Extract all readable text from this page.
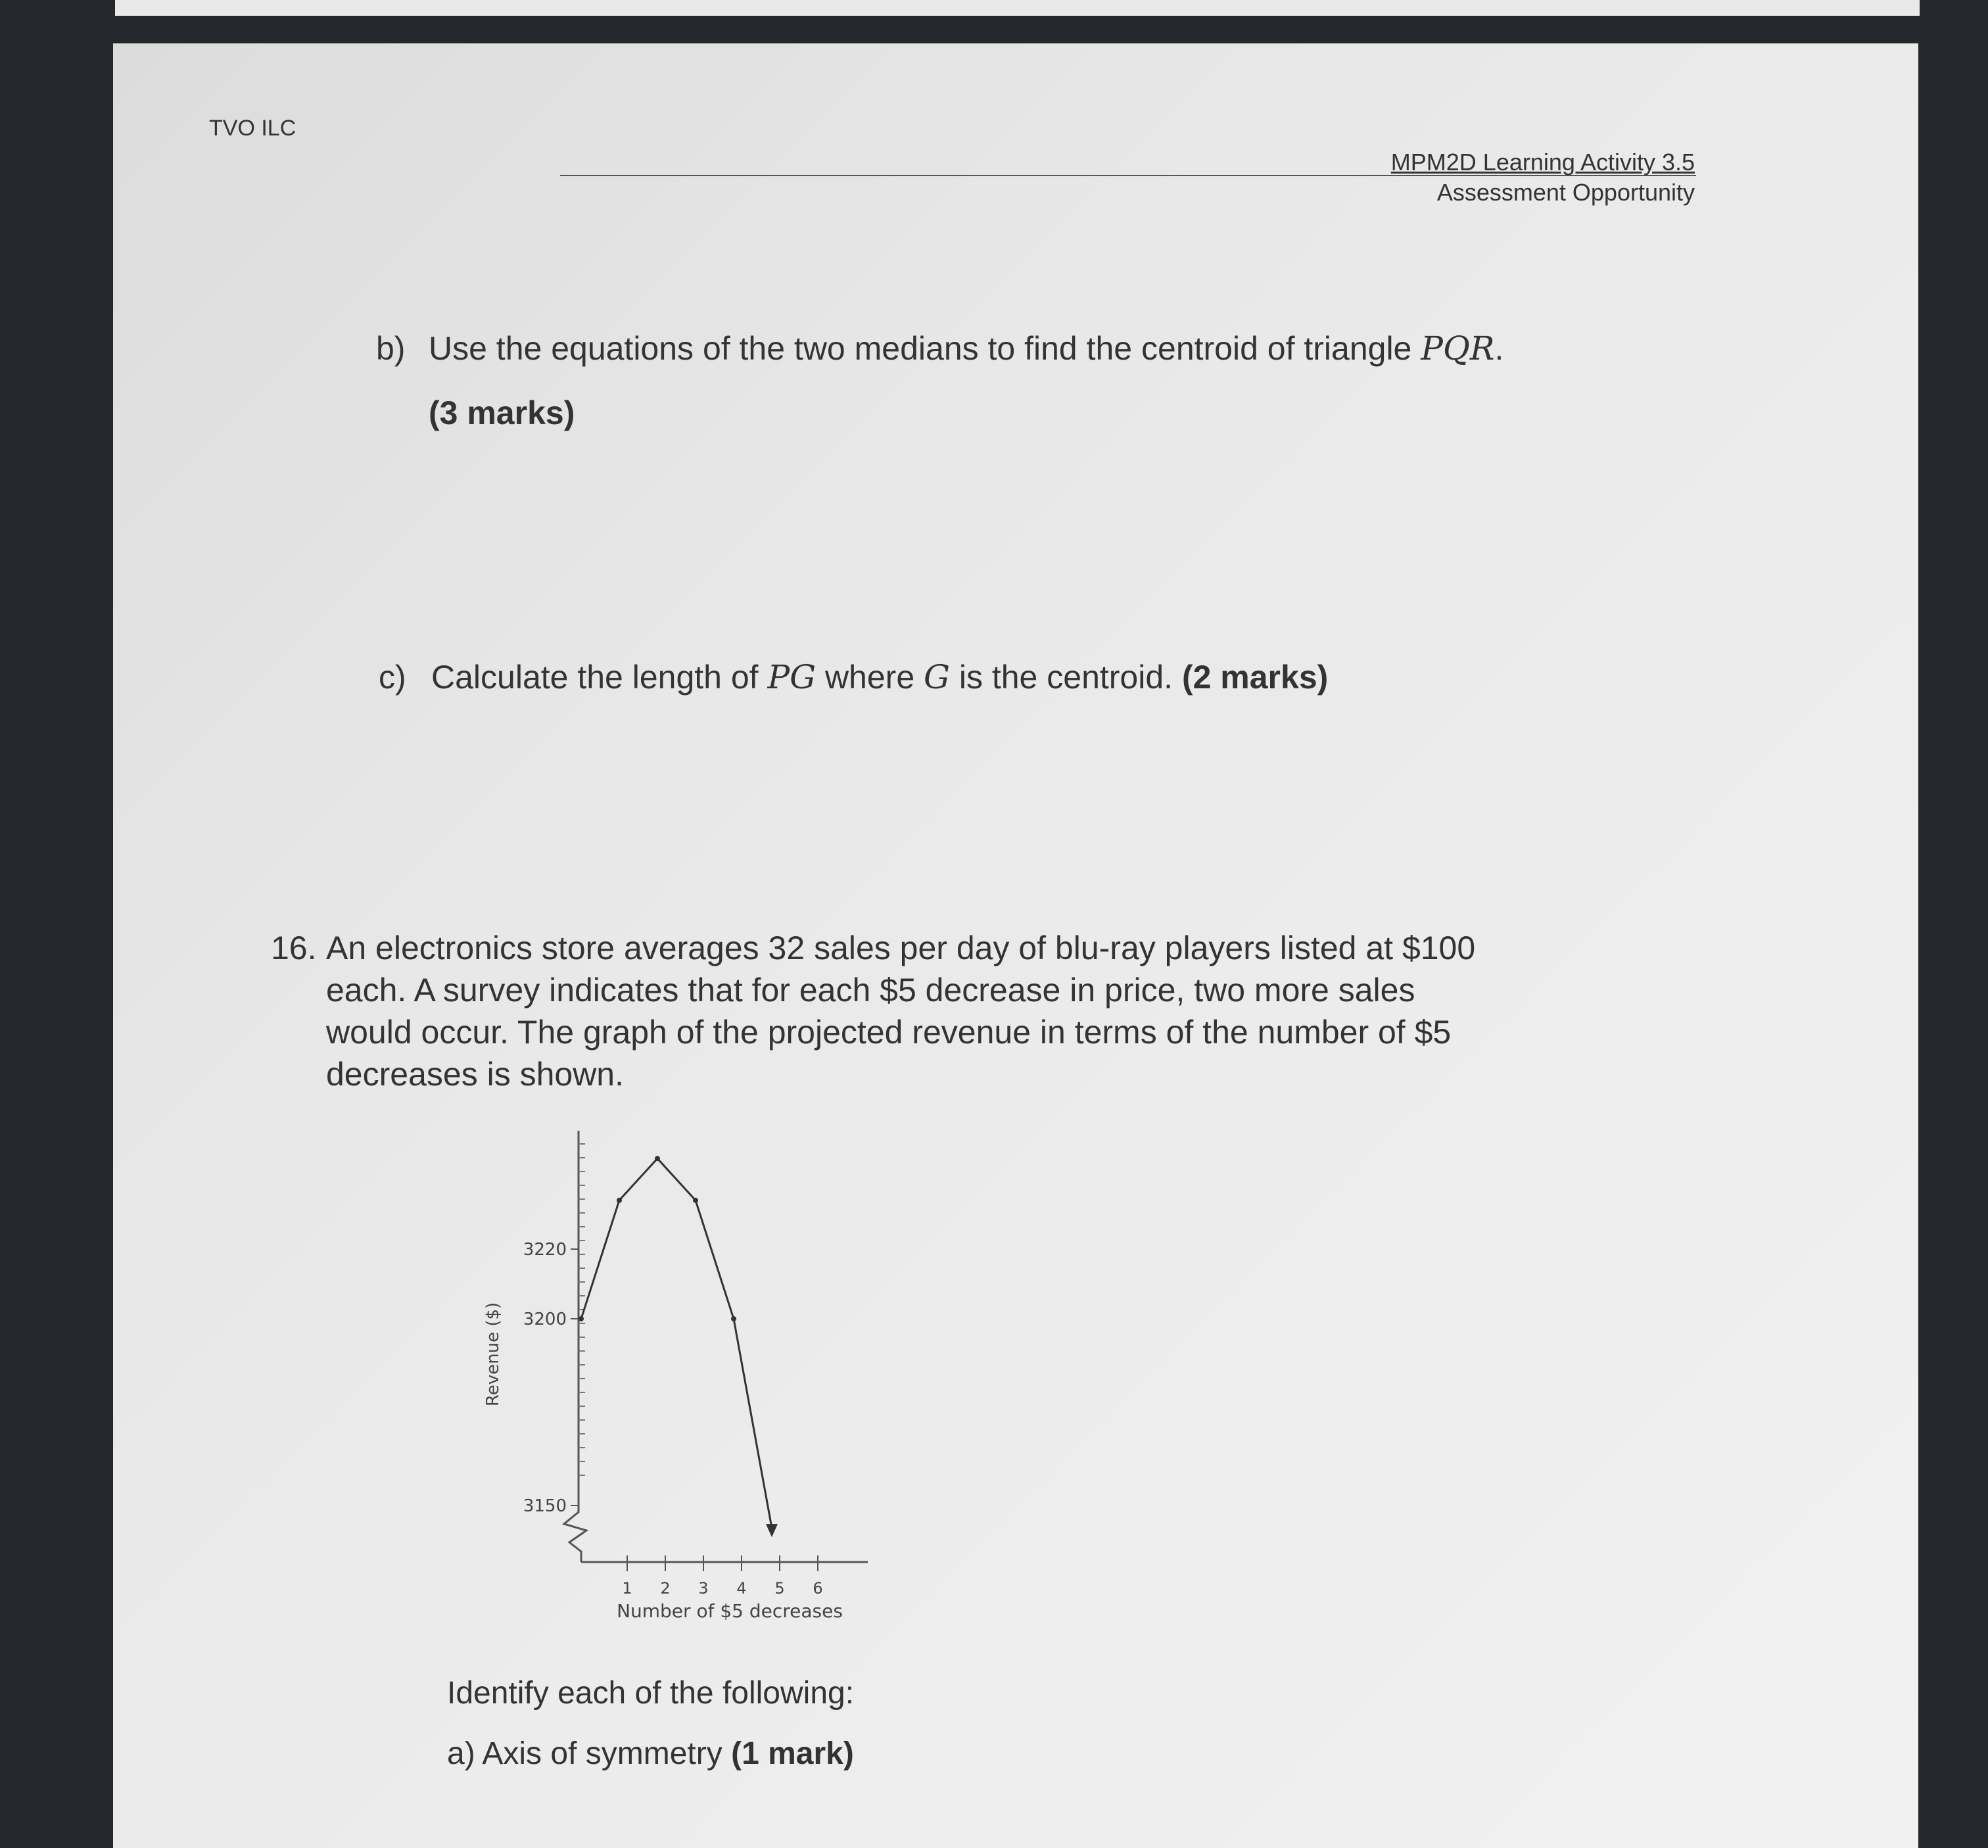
TVO ILC
MPM2D Learning Activity 3.5
Assessment Opportunity
b) Use the equations of the two medians to find the centroid of triangle PQR.
(3 marks)
c) Calculate the length of PG where G is the centroid. (2 marks)
16. An electronics store averages 32 sales per day of blu-ray players listed at $100
each. A survey indicates that for each $5 decrease in price, two more sales
would occur. The graph of the projected revenue in terms of the number of $5
decreases is shown.
3150
3200
3220
1 2 3 4 5 6
Number of $5 decreases
Revenue ($)
Identify each of the following:
a) Axis of symmetry (1 mark)
